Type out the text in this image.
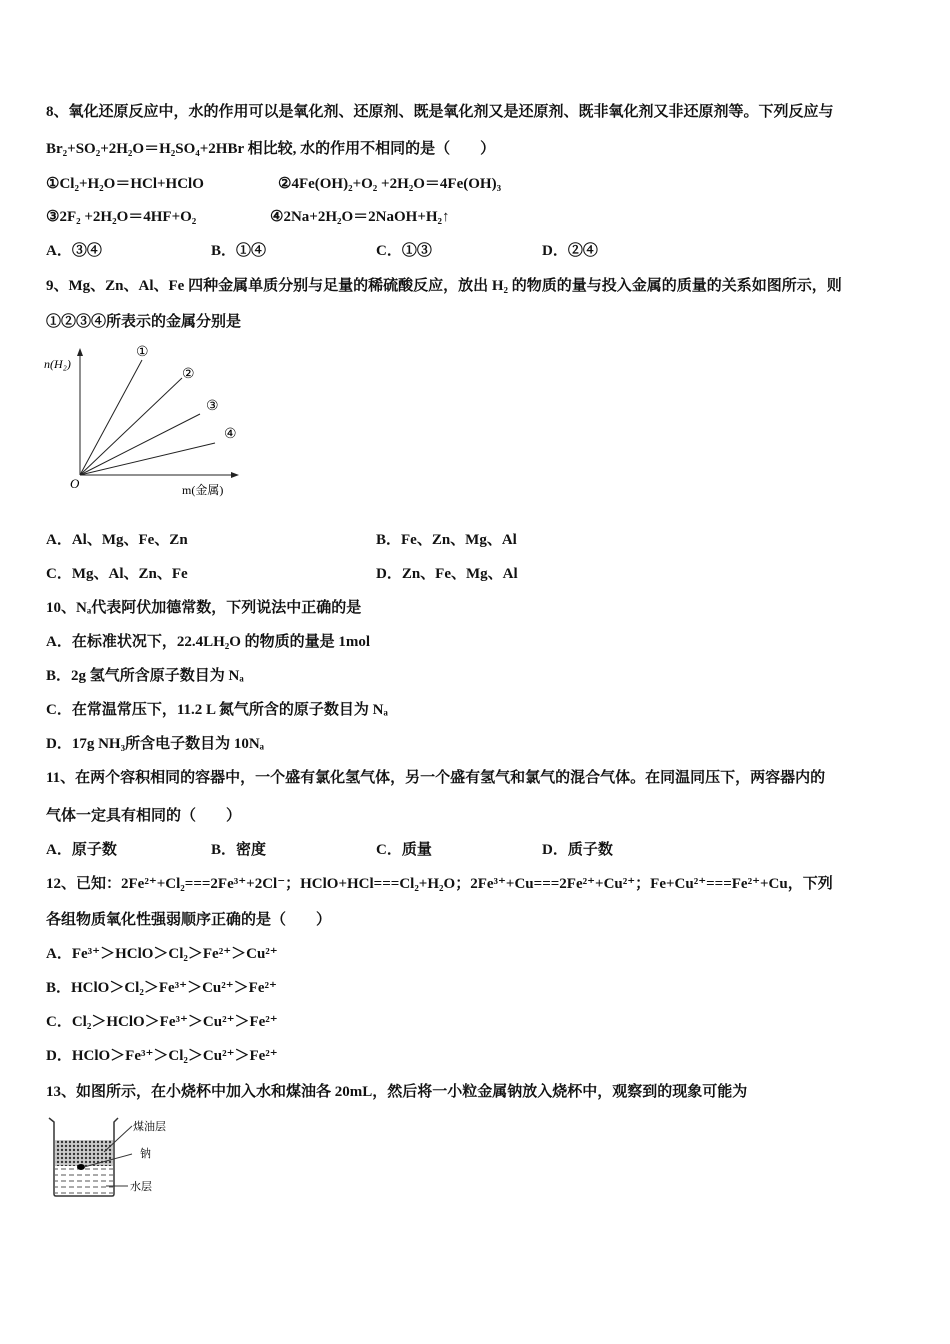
8、氧化还原反应中，水的作用可以是氧化剂、还原剂、既是氧化剂又是还原剂、既非氧化剂又非还原剂等。下列反应与
Br₂+SO₂+2H₂O＝H₂SO₄+2HBr 相比较, 水的作用不相同的是（　　）
①Cl₂+H₂O＝HCl+HClO	②4Fe(OH)₂+O₂ +2H₂O＝4Fe(OH)₃
③2F₂ +2H₂O＝4HF+O₂	④2Na+2H₂O＝2NaOH+H₂↑
A．③④	B．①④	C．①③	D．②④
9、Mg、Zn、Al、Fe 四种金属单质分别与足量的稀硫酸反应，放出 H₂ 的物质的量与投入金属的质量的关系如图所示，则
①②③④所表示的金属分别是
①
②
③
④
n(H₂)
O	m(金属)
A．Al、Mg、Fe、Zn	B．Fe、Zn、Mg、Al
C．Mg、Al、Zn、Fe	D．Zn、Fe、Mg、Al
10、Nₐ代表阿伏加德常数，下列说法中正确的是
A．在标准状况下，22.4LH₂O 的物质的量是 1mol
B．2g 氢气所含原子数目为 Nₐ
C．在常温常压下，11.2 L 氮气所含的原子数目为 Nₐ
D．17g NH₃所含电子数目为 10Nₐ
11、在两个容积相同的容器中，一个盛有氯化氢气体，另一个盛有氢气和氯气的混合气体。在同温同压下，两容器内的
气体一定具有相同的（　　）
A．原子数	B．密度	C．质量	D．质子数
12、已知：2Fe²⁺+Cl₂===2Fe³⁺+2Cl⁻；HClO+HCl===Cl₂+H₂O；2Fe³⁺+Cu===2Fe²⁺+Cu²⁺；Fe+Cu²⁺===Fe²⁺+Cu，下列
各组物质氧化性强弱顺序正确的是（　　）
A．Fe³⁺＞HClO＞Cl₂＞Fe²⁺＞Cu²⁺
B．HClO＞Cl₂＞Fe³⁺＞Cu²⁺＞Fe²⁺
C．Cl₂＞HClO＞Fe³⁺＞Cu²⁺＞Fe²⁺
D．HClO＞Fe³⁺＞Cl₂＞Cu²⁺＞Fe²⁺
13、如图所示，在小烧杯中加入水和煤油各 20mL，然后将一小粒金属钠放入烧杯中，观察到的现象可能为
煤油层
钠
水层
